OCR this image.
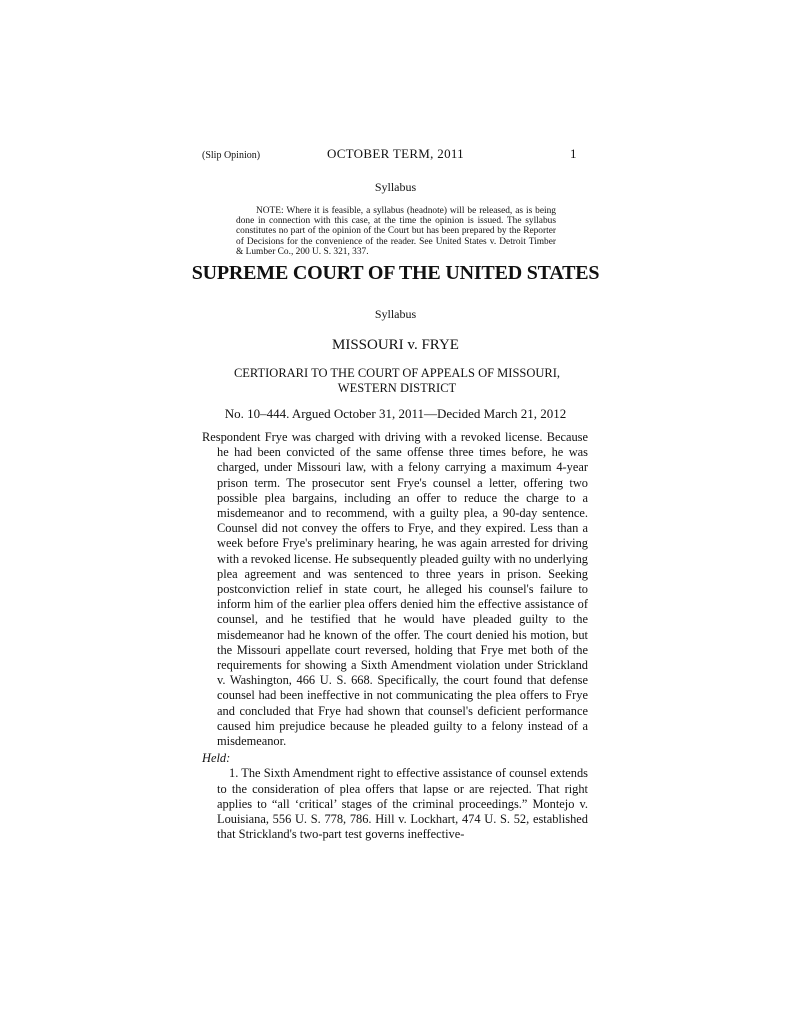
(Slip Opinion)	OCTOBER TERM, 2011	1
Syllabus

NOTE: Where it is feasible, a syllabus (headnote) will be released, as is being done in connection with this case, at the time the opinion is issued. The syllabus constitutes no part of the opinion of the Court but has been prepared by the Reporter of Decisions for the convenience of the reader. See United States v. Detroit Timber & Lumber Co., 200 U. S. 321, 337.

SUPREME COURT OF THE UNITED STATES
Syllabus
MISSOURI v. FRYE
CERTIORARI TO THE COURT OF APPEALS OF MISSOURI, WESTERN DISTRICT
No. 10–444. Argued October 31, 2011—Decided March 21, 2012

Respondent Frye was charged with driving with a revoked license. Because he had been convicted of the same offense three times before, he was charged, under Missouri law, with a felony carrying a maximum 4-year prison term. The prosecutor sent Frye's counsel a letter, offering two possible plea bargains, including an offer to reduce the charge to a misdemeanor and to recommend, with a guilty plea, a 90-day sentence. Counsel did not convey the offers to Frye, and they expired. Less than a week before Frye's preliminary hearing, he was again arrested for driving with a revoked license. He subsequently pleaded guilty with no underlying plea agreement and was sentenced to three years in prison. Seeking postconviction relief in state court, he alleged his counsel's failure to inform him of the earlier plea offers denied him the effective assistance of counsel, and he testified that he would have pleaded guilty to the misdemeanor had he known of the offer. The court denied his motion, but the Missouri appellate court reversed, holding that Frye met both of the requirements for showing a Sixth Amendment violation under Strickland v. Washington, 466 U. S. 668. Specifically, the court found that defense counsel had been ineffective in not communicating the plea offers to Frye and concluded that Frye had shown that counsel's deficient performance caused him prejudice because he pleaded guilty to a felony instead of a misdemeanor.

Held:

1. The Sixth Amendment right to effective assistance of counsel extends to the consideration of plea offers that lapse or are rejected. That right applies to “all ‘critical’ stages of the criminal proceedings.” Montejo v. Louisiana, 556 U. S. 778, 786. Hill v. Lockhart, 474 U. S. 52, established that Strickland's two-part test governs ineffective-
